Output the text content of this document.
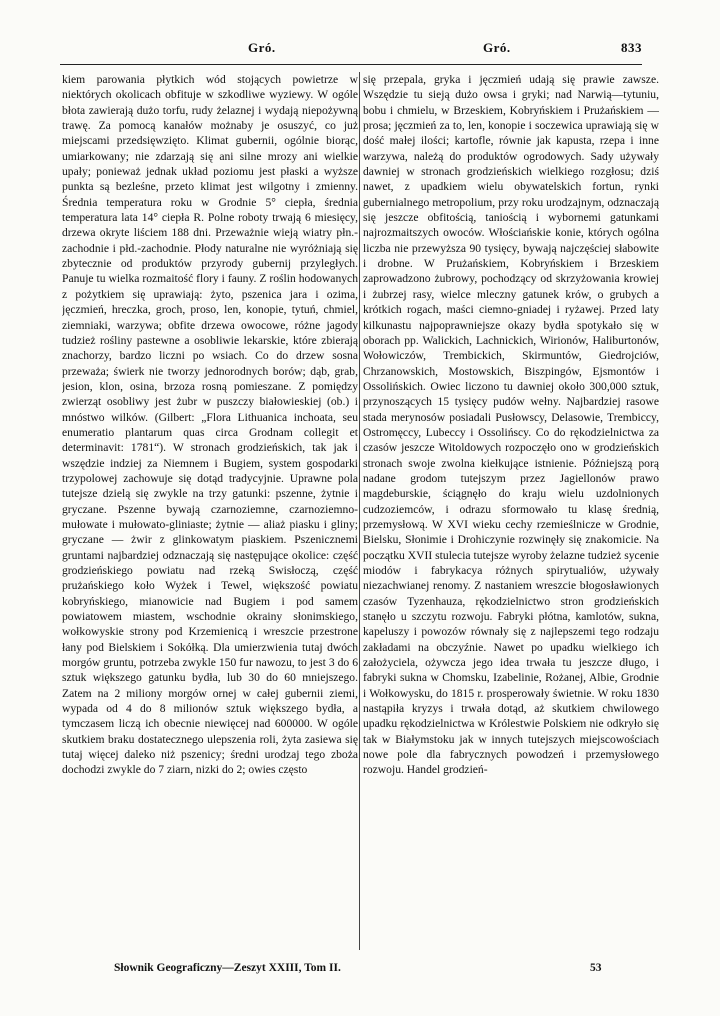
Gró.	Gró.	833

kiem parowania płytkich wód stojących powietrze w niektórych okolicach obfituje w szkodliwe wyziewy. W ogóle błota zawierają dużo torfu, rudy żelaznej i wydają niepożywną trawę. Za pomocą kanałów możnaby je osuszyć, co już miejscami przedsięwzięto. Klimat gubernii, ogólnie biorąc, umiarkowany; nie zdarzają się ani silne mrozy ani wielkie upały; ponieważ jednak układ poziomu jest płaski a wyższe punkta są bezleśne, przeto klimat jest wilgotny i zmienny. Średnia temperatura roku w Grodnie 5° ciepła, średnia temperatura lata 14° ciepła R. Polne roboty trwają 6 miesięcy, drzewa okryte liściem 188 dni. Przeważnie wieją wiatry płn.-zachodnie i płd.-zachodnie. Płody naturalne nie wyróżniają się zbytecznie od produktów przyrody gubernij przyległych. Panuje tu wielka rozmaitość flory i fauny. Z roślin hodowanych z pożytkiem się uprawiają: żyto, pszenica jara i ozima, jęczmień, hreczka, groch, proso, len, konopie, tytuń, chmiel, ziemniaki, warzywa; obfite drzewa owocowe, różne jagody tudzież rośliny pastewne a osobliwie lekarskie, które zbierają znachorzy, bardzo liczni po wsiach. Co do drzew sosna przeważa; świerk nie tworzy jednorodnych borów; dąb, grab, jesion, klon, osina, brzoza rosną pomieszane. Z pomiędzy zwierząt osobliwy jest żubr w puszczy białowieskiej (ob.) i mnóstwo wilków. (Gilbert: „Flora Lithuanica inchoata, seu enumeratio plantarum quas circa Grodnam collegit et determinavit: 1781“). W stronach grodzieńskich, tak jak i wszędzie indziej za Niemnem i Bugiem, system gospodarki trzypolowej zachowuje się dotąd tradycyjnie. Uprawne pola tutejsze dzielą się zwykle na trzy gatunki: pszenne, żytnie i gryczane. Pszenne bywają czarnoziemne, czarnoziemno-mułowate i mułowato-gliniaste; żytnie — aliaż piasku i gliny; gryczane — żwir z glinkowatym piaskiem. Pszenicznemi gruntami najbardziej odznaczają się następujące okolice: część grodzieńskiego powiatu nad rzeką Swisłoczą, część prużańskiego koło Wyżek i Tewel, większość powiatu kobryńskiego, mianowicie nad Bugiem i pod samem powiatowem miastem, wschodnie okrainy słonimskiego, wołkowyskie strony pod Krzemienicą i wreszcie przestrone łany pod Bielskiem i Sokółką. Dla umierzwienia tutaj dwóch morgów gruntu, potrzeba zwykle 150 fur nawozu, to jest 3 do 6 sztuk większego gatunku bydła, lub 30 do 60 mniejszego. Zatem na 2 miliony morgów ornej w całej gubernii ziemi, wypada od 4 do 8 milionów sztuk większego bydła, a tymczasem liczą ich obecnie niewięcej nad 600000. W ogóle skutkiem braku dostatecznego ulepszenia roli, żyta zasiewa się tutaj więcej daleko niż pszenicy; średni urodzaj tego zboża dochodzi zwykle do 7 ziarn, nizki do 2; owies często

się przepala, gryka i jęczmień udają się prawie zawsze. Wszędzie tu sieją dużo owsa i gryki; nad Narwią—tytuniu, bobu i chmielu, w Brzeskiem, Kobryńskiem i Prużańskiem — prosa; jęczmień za to, len, konopie i soczewica uprawiają się w dość małej ilości; kartofle, równie jak kapusta, rzepa i inne warzywa, należą do produktów ogrodowych. Sady używały dawniej w stronach grodzieńskich wielkiego rozgłosu; dziś nawet, z upadkiem wielu obywatelskich fortun, rynki gubernialnego metropolium, przy roku urodzajnym, odznaczają się jeszcze obfitością, taniością i wybornemi gatunkami najrozmaitszych owoców. Włościańskie konie, których ogólna liczba nie przewyższa 90 tysięcy, bywają najczęściej słabowite i drobne. W Prużańskiem, Kobryńskiem i Brzeskiem zaprowadzono żubrowy, pochodzący od skrzyżowania krowiej i żubrzej rasy, wielce mleczny gatunek krów, o grubych a krótkich rogach, maści ciemno-gniadej i ryżawej. Przed laty kilkunastu najpoprawniejsze okazy bydła spotykało się w oborach pp. Walickich, Lachnickich, Wirionów, Haliburtonów, Wołowiczów, Trembickich, Skirmuntów, Giedrojciów, Chrzanowskich, Mostowskich, Biszpingów, Ejsmontów i Ossolińskich. Owiec liczono tu dawniej około 300,000 sztuk, przynoszących 15 tysięcy pudów wełny. Najbardziej rasowe stada merynosów posiadali Pusłowscy, Delasowie, Trembiccy, Ostromęccy, Lubeccy i Ossolińscy. Co do rękodzielnictwa za czasów jeszcze Witoldowych rozpoczęło ono w grodzieńskich stronach swoje zwolna kiełkujące istnienie. Późniejszą porą nadane grodom tutejszym przez Jagiellonów prawo magdeburskie, ściągnęło do kraju wielu uzdolnionych cudzoziemców, i odrazu sformowało tu klasę średnią, przemysłową. W XVI wieku cechy rzemieślnicze w Grodnie, Bielsku, Słonimie i Drohiczynie rozwinęły się znakomicie. Na początku XVII stulecia tutejsze wyroby żelazne tudzież sycenie miodów i fabrykacya różnych spirytualiów, używały niezachwianej renomy. Z nastaniem wreszcie błogosławionych czasów Tyzenhauza, rękodzielnictwo stron grodzieńskich stanęło u szczytu rozwoju. Fabryki płótna, kamlotów, sukna, kapeluszy i powozów równały się z najlepszemi tego rodzaju zakładami na obczyźnie. Nawet po upadku wielkiego ich założyciela, ożywcza jego idea trwała tu jeszcze długo, i fabryki sukna w Chomsku, Izabelinie, Rożanej, Albie, Grodnie i Wołkowysku, do 1815 r. prosperowały świetnie. W roku 1830 nastąpiła kryzys i trwała dotąd, aż skutkiem chwilowego upadku rękodzielnictwa w Królestwie Polskiem nie odkryło się tak w Białymstoku jak w innych tutejszych miejscowościach nowe pole dla fabrycznych powodzeń i przemysłowego rozwoju. Handel grodzień-

Słownik Geograficzny—Zeszyt XXIII, Tom II.	53
